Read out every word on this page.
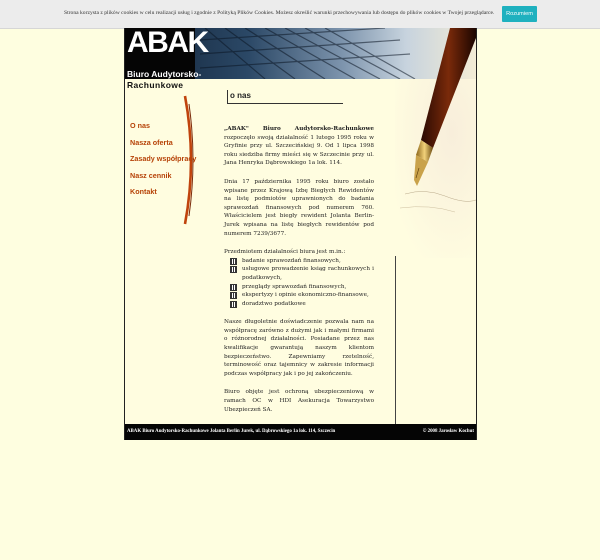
Strona korzysta z plików cookies w celu realizacji usług i zgodnie z Polityką Plików Cookies. Możesz określić warunki przechowywania lub dostępu do plików cookies w Twojej przeglądarce.	Rozumiem
ABAK
Biuro Audytorsko-
Rachunkowe
o nas
O nas
Nasza oferta
Zasady współpracy
Nasz cennik
Kontakt

„ABAK" Biuro Audytorsko-Rachunkowe rozpoczęło swoją działalność 1 lutego 1995 roku w Gryfinie przy ul. Szczecińskiej 9. Od 1 lipca 1998 roku siedziba firmy mieści się w Szczecinie przy ul. Jana Henryka Dąbrowskiego 1a lok. 114.

Dnia 17 października 1995 roku biuro zostało wpisane przez Krajową Izbę Biegłych Rewidentów na listę podmiotów uprawnionych do badania sprawozdań finansowych pod numerem 760. Właścicielem jest biegły rewident Jolanta Berlin-Jurek wpisana na listę biegłych rewidentów pod numerem 7239/3677.

Przedmiotem działalności biura jest m.in.:
badanie sprawozdań finansowych,
usługowe prowadzenie ksiąg rachunkowych i podatkowych,
przeglądy sprawozdań finansowych,
ekspertyzy i opinie ekonomiczno-finansowe,
doradztwo podatkowe

Nasze długoletnie doświadczenie pozwala nam na współpracę zarówno z dużymi jak i małymi firmami o różnorodnej działalności. Posiadane przez nas kwalifikacje gwarantują naszym klientom bezpieczeństwo. Zapewniamy rzetelność, terminowość oraz tajemnicy w zakresie informacji podczas współpracy jak i po jej zakończeniu.

Biuro objęte jest ochroną ubezpieczeniową w ramach OC w HDI Asekuracja Towarzystwo Ubezpieczeń SA.

ABAK Biuro Audytorsko-Rachunkowe Jolanta Berlin Jurek, ul. Dąbrowskiego 1a lok. 114, Szczecin	© 2008 Jarosław Kochut
